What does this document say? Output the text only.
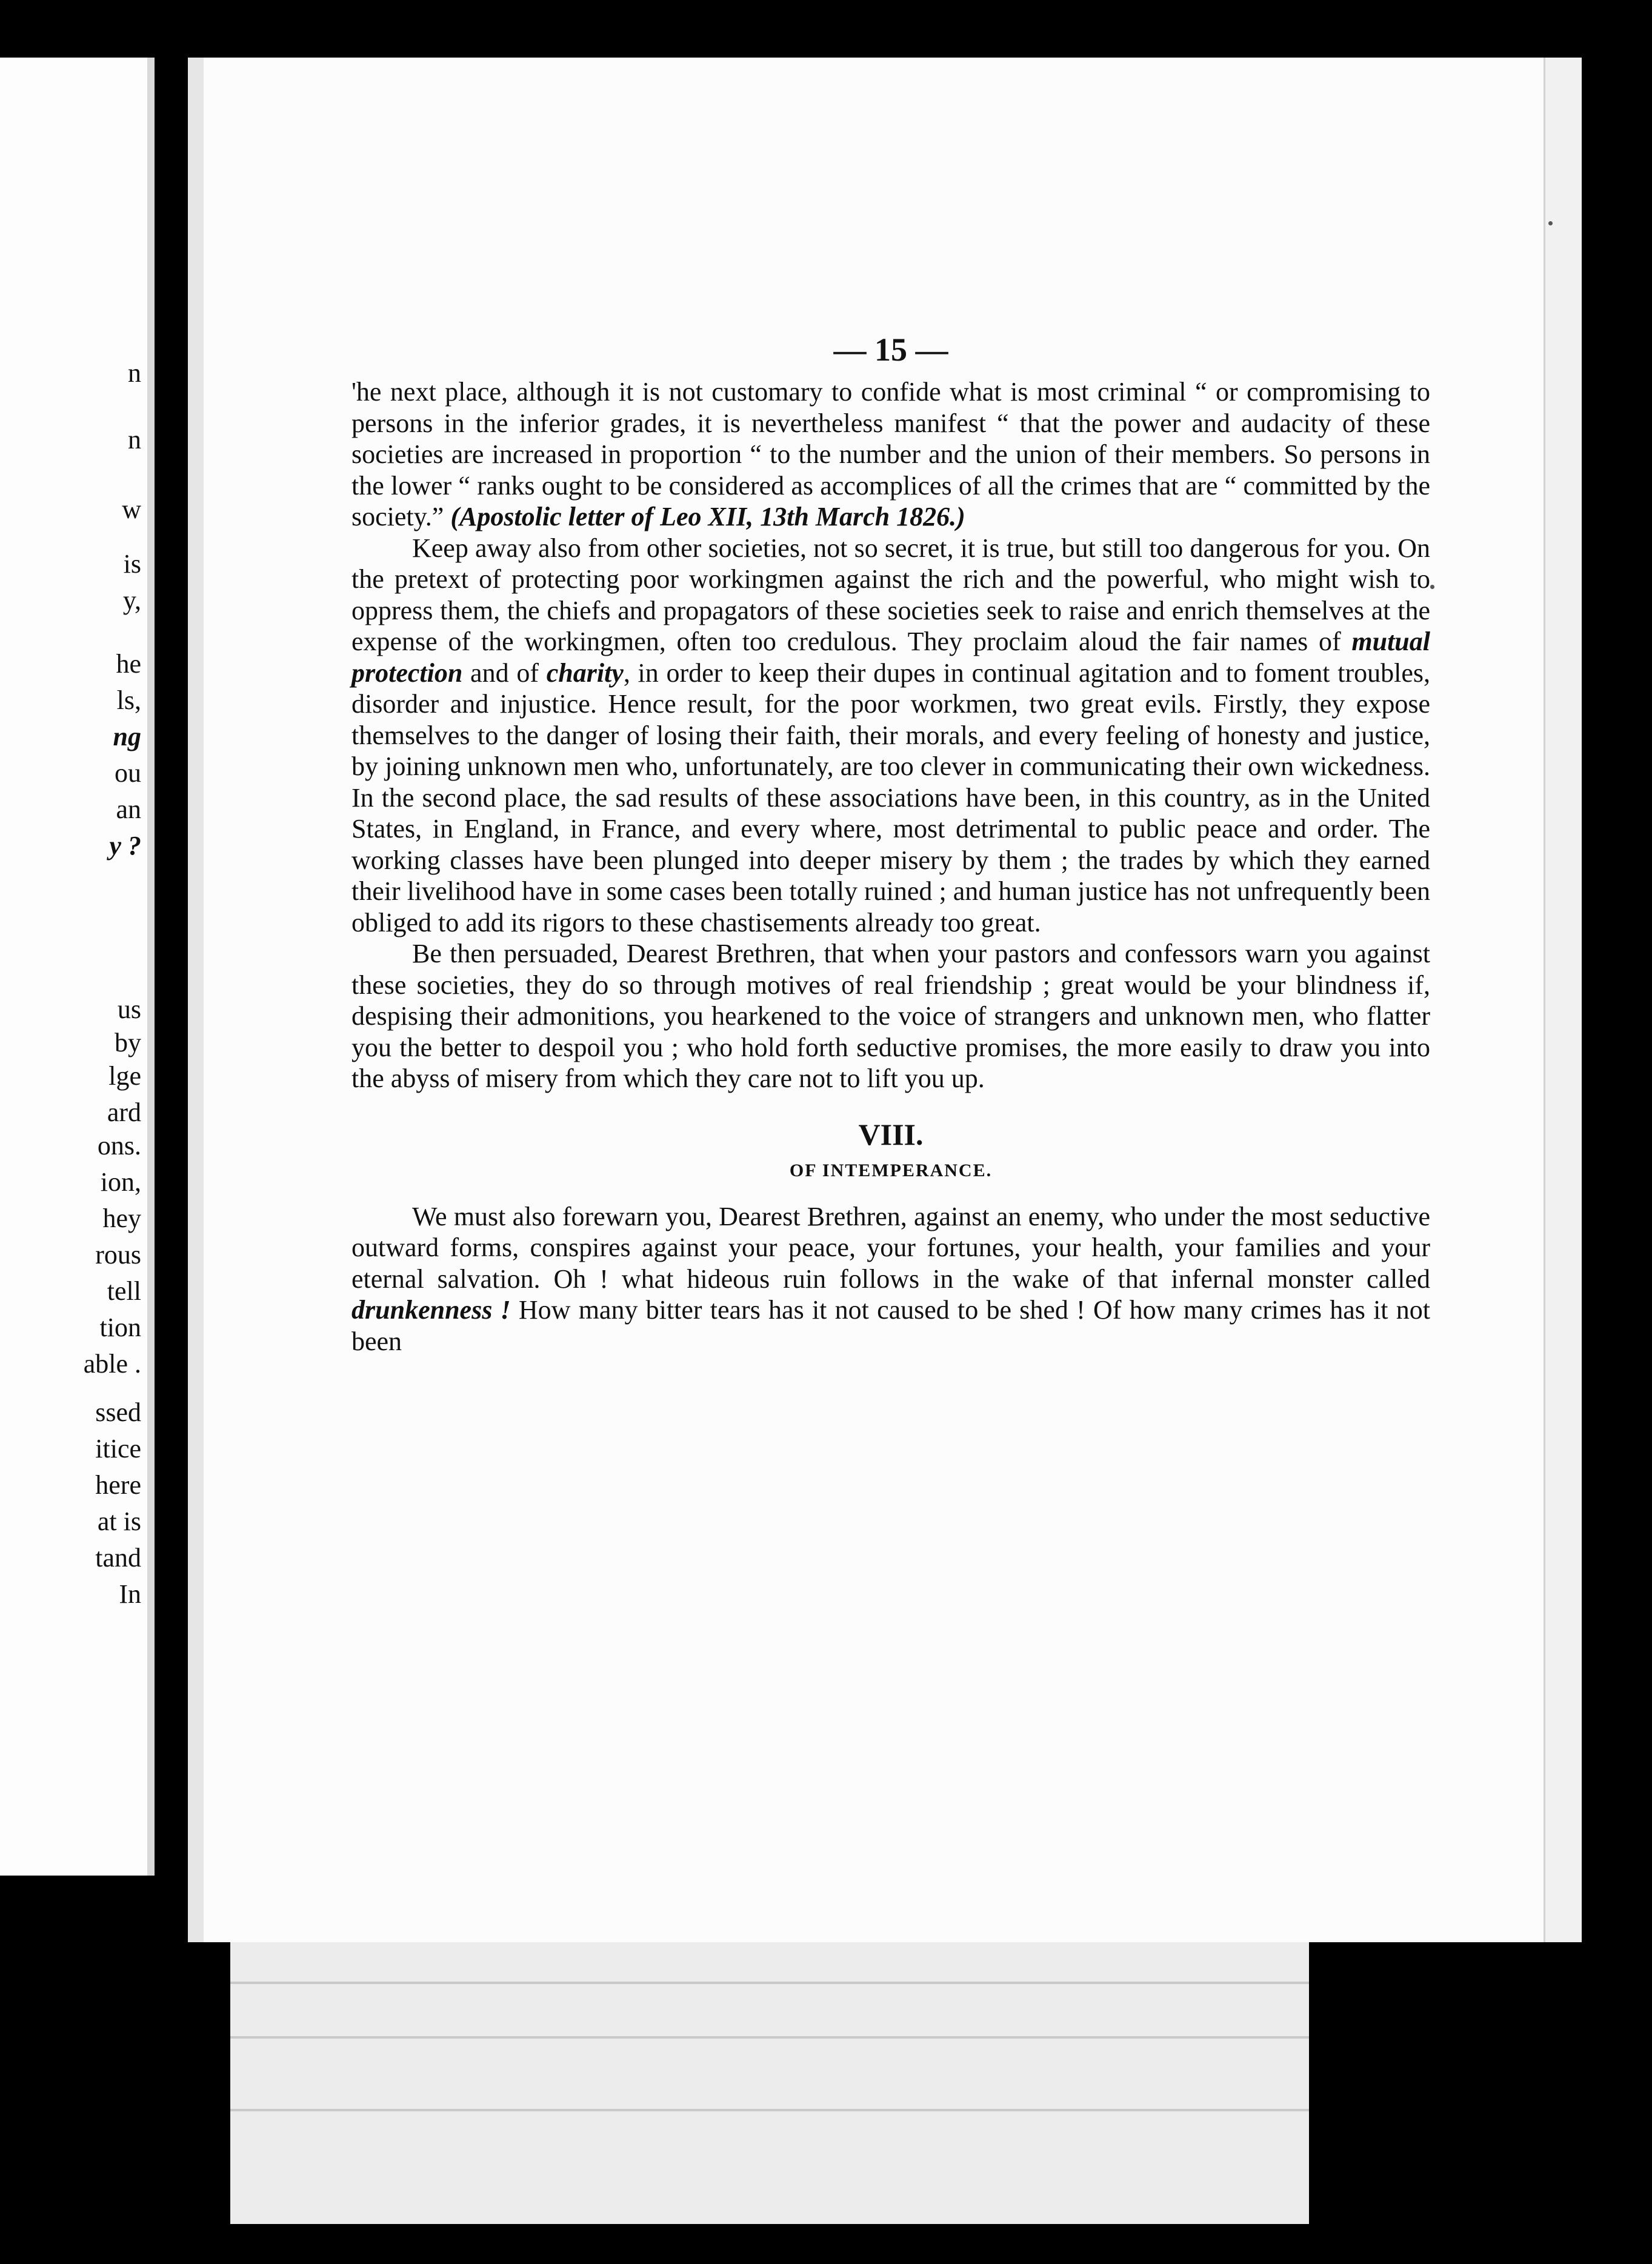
n
n
w
is
y,
he
ls,
ng
ou
an
y ?
us
by
lge
ard
ons.
ion,
hey
rous
tell
tion
able .
ssed
itice
here
at is
tand
In
— 15 —

'he next place, although it is not customary to confide what is most criminal “ or compromising to persons in the inferior grades, it is nevertheless manifest “ that the power and audacity of these societies are increased in proportion “ to the number and the union of their members. So persons in the lower “ ranks ought to be considered as accomplices of all the crimes that are “ committed by the society.” (Apostolic letter of Leo XII, 13th March 1826.)

Keep away also from other societies, not so secret, it is true, but still too dangerous for you. On the pretext of protecting poor workingmen against the rich and the powerful, who might wish to oppress them, the chiefs and propagators of these societies seek to raise and enrich themselves at the expense of the workingmen, often too credulous. They proclaim aloud the fair names of mutual protection and of charity, in order to keep their dupes in continual agitation and to foment troubles, disorder and injustice. Hence result, for the poor workmen, two great evils. Firstly, they expose themselves to the danger of losing their faith, their morals, and every feeling of honesty and justice, by joining unknown men who, unfortunately, are too clever in communicating their own wickedness. In the second place, the sad results of these associations have been, in this country, as in the United States, in England, in France, and every where, most detrimental to public peace and order. The working classes have been plunged into deeper misery by them ; the trades by which they earned their livelihood have in some cases been totally ruined ; and human justice has not unfrequently been obliged to add its rigors to these chastisements already too great.

Be then persuaded, Dearest Brethren, that when your pastors and confessors warn you against these societies, they do so through motives of real friendship ; great would be your blindness if, despising their admonitions, you hearkened to the voice of strangers and unknown men, who flatter you the better to despoil you ; who hold forth seductive promises, the more easily to draw you into the abyss of misery from which they care not to lift you up.

VIII.
OF INTEMPERANCE.

We must also forewarn you, Dearest Brethren, against an enemy, who under the most seductive outward forms, conspires against your peace, your fortunes, your health, your families and your eternal salvation. Oh ! what hideous ruin follows in the wake of that infernal monster called drunkenness ! How many bitter tears has it not caused to be shed ! Of how many crimes has it not been
